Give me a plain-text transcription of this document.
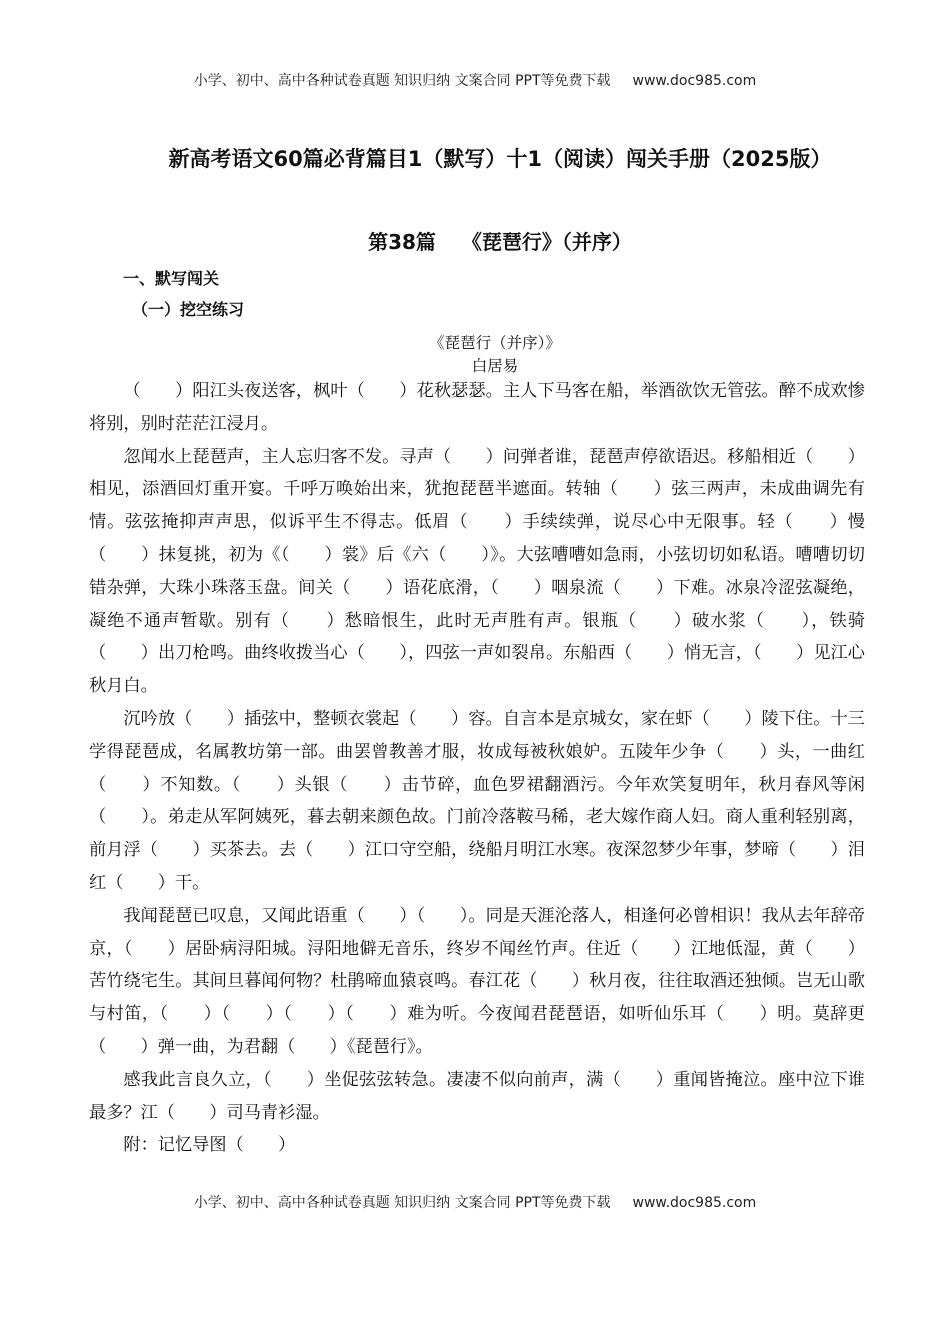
小学、初中、高中各种试卷真题 知识归纳 文案合同 PPT等免费下载 www.doc985.com
新高考语文60篇必背篇目1（默写）十1（阅读）闯关手册（2025版）
第38篇 《琵琶行》（并序）
一、默写闯关
（一）挖空练习
《琵琶行（并序）》
白居易

（　　）阳江头夜送客，枫叶（　　）花秋瑟瑟。主人下马客在船，举酒欲饮无管弦。醉不成欢惨将别，别时茫茫江浸月。

忽闻水上琵琶声，主人忘归客不发。寻声（　　）问弹者谁，琵琶声停欲语迟。移船相近（　　）相见，添酒回灯重开宴。千呼万唤始出来，犹抱琵琶半遮面。转轴（　　）弦三两声，未成曲调先有情。弦弦掩抑声声思，似诉平生不得志。低眉（　　）手续续弹，说尽心中无限事。轻（　　）慢（　　）抹复挑，初为《（　　）裳》后《六（　　）》。大弦嘈嘈如急雨，小弦切切如私语。嘈嘈切切错杂弹，大珠小珠落玉盘。间关（　　）语花底滑，（　　）咽泉流（　　）下难。冰泉冷涩弦凝绝，凝绝不通声暂歇。别有（　　）愁暗恨生，此时无声胜有声。银瓶（　　）破水浆（　　），铁骑（　　）出刀枪鸣。曲终收拨当心（　　），四弦一声如裂帛。东船西（　　）悄无言，（　　）见江心秋月白。

沉吟放（　　）插弦中，整顿衣裳起（　　）容。自言本是京城女，家在虾（　　）陵下住。十三学得琵琶成，名属教坊第一部。曲罢曾教善才服，妆成每被秋娘妒。五陵年少争（　　）头，一曲红（　　）不知数。（　　）头银（　　）击节碎，血色罗裙翻酒污。今年欢笑复明年，秋月春风等闲（　　）。弟走从军阿姨死，暮去朝来颜色故。门前冷落鞍马稀，老大嫁作商人妇。商人重利轻别离，前月浮（　　）买茶去。去（　　）江口守空船，绕船月明江水寒。夜深忽梦少年事，梦啼（　　）泪红（　　）干。

我闻琵琶已叹息，又闻此语重（　　）（　　）。同是天涯沦落人，相逢何必曾相识！我从去年辞帝京，（　　）居卧病浔阳城。浔阳地僻无音乐，终岁不闻丝竹声。住近（　　）江地低湿，黄（　　）苦竹绕宅生。其间旦暮闻何物？杜鹃啼血猿哀鸣。春江花（　　）秋月夜，往往取酒还独倾。岂无山歌与村笛，（　　）（　　）（　　）（　　）难为听。今夜闻君琵琶语，如听仙乐耳（　　）明。莫辞更（　　）弹一曲，为君翻（　　）《琵琶行》。

感我此言良久立，（　　）坐促弦弦转急。凄凄不似向前声，满（　　）重闻皆掩泣。座中泣下谁最多？江（　　）司马青衫湿。

附：记忆导图（　　）

小学、初中、高中各种试卷真题 知识归纳 文案合同 PPT等免费下载 www.doc985.com
